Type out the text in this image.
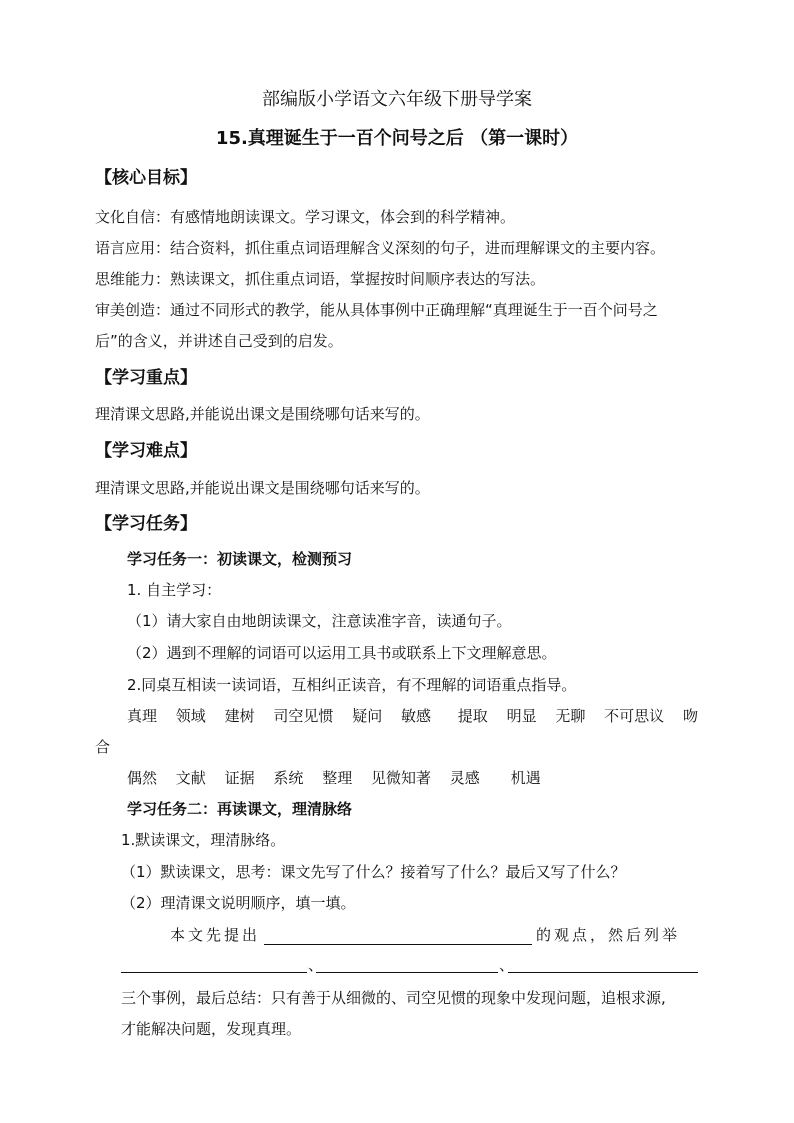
部编版小学语文六年级下册导学案
15.真理诞生于一百个问号之后 （第一课时）
【核心目标】
文化自信：有感情地朗读课文。学习课文，体会到的科学精神。
语言应用：结合资料，抓住重点词语理解含义深刻的句子，进而理解课文的主要内容。
思维能力：熟读课文，抓住重点词语，掌握按时间顺序表达的写法。
审美创造：通过不同形式的教学，能从具体事例中正确理解“真理诞生于一百个问号之
后”的含义，并讲述自己受到的启发。
【学习重点】
理清课文思路,并能说出课文是围绕哪句话来写的。
【学习难点】
理清课文思路,并能说出课文是围绕哪句话来写的。
【学习任务】
学习任务一：初读课文，检测预习
1. 自主学习：
（1）请大家自由地朗读课文，注意读准字音，读通句子。
（2）遇到不理解的词语可以运用工具书或联系上下文理解意思。
2.同桌互相读一读词语，互相纠正读音，有不理解的词语重点指导。
真理 领域 建树 司空见惯 疑问 敏感 提取 明显 无聊 不可思议 吻
合
偶然 文献 证据 系统 整理 见微知著 灵感 机遇
学习任务二：再读课文，理清脉络
1.默读课文，理清脉络。
（1）默读课文，思考：课文先写了什么？接着写了什么？最后又写了什么？
（2）理清课文说明顺序，填一填。
本文先提出	的观点，然后列举
、	、
三个事例，最后总结：只有善于从细微的、司空见惯的现象中发现问题，追根求源,
才能解决问题，发现真理。
